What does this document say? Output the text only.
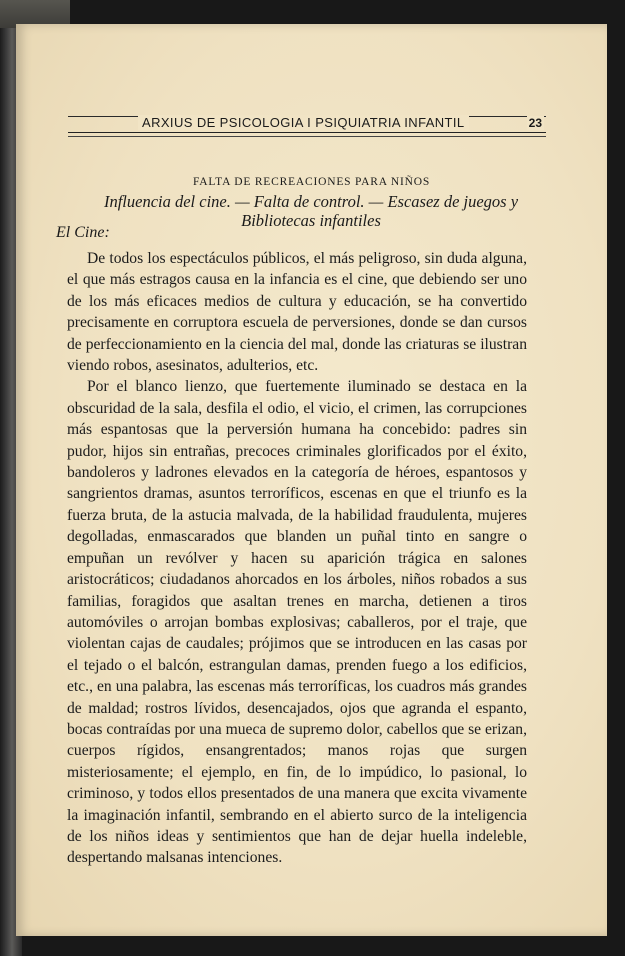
ARXIUS DE PSICOLOGIA I PSIQUIATRIA INFANTIL	23
FALTA DE RECREACIONES PARA NIÑOS
Influencia del cine. — Falta de control. — Escasez de juegos y Bibliotecas infantiles
El Cine:

De todos los espectáculos públicos, el más peligroso, sin duda alguna, el que más estragos causa en la infancia es el cine, que debiendo ser uno de los más eficaces medios de cultura y educación, se ha convertido precisamente en corruptora escuela de perversiones, donde se dan cursos de perfeccionamiento en la ciencia del mal, donde las criaturas se ilustran viendo robos, asesinatos, adulterios, etc.

Por el blanco lienzo, que fuertemente iluminado se destaca en la obscuridad de la sala, desfila el odio, el vicio, el crimen, las corrupciones más espantosas que la perversión humana ha concebido: padres sin pudor, hijos sin entrañas, precoces criminales glorificados por el éxito, bandoleros y ladrones elevados en la categoría de héroes, espantosos y sangrientos dramas, asuntos terroríficos, escenas en que el triunfo es la fuerza bruta, de la astucia malvada, de la habilidad fraudulenta, mujeres degolladas, enmascarados que blanden un puñal tinto en sangre o empuñan un revólver y hacen su aparición trágica en salones aristocráticos; ciudadanos ahorcados en los árboles, niños robados a sus familias, foragidos que asaltan trenes en marcha, detienen a tiros automóviles o arrojan bombas explosivas; caballeros, por el traje, que violentan cajas de caudales; prójimos que se introducen en las casas por el tejado o el balcón, estrangulan damas, prenden fuego a los edificios, etc., en una palabra, las escenas más terroríficas, los cuadros más grandes de maldad; rostros lívidos, desencajados, ojos que agranda el espanto, bocas contraídas por una mueca de supremo dolor, cabellos que se erizan, cuerpos rígidos, ensangrentados; manos rojas que surgen misteriosamente; el ejemplo, en fin, de lo impúdico, lo pasional, lo criminoso, y todos ellos presentados de una manera que excita vivamente la imaginación infantil, sembrando en el abierto surco de la inteligencia de los niños ideas y sentimientos que han de dejar huella indeleble, despertando malsanas intenciones.
